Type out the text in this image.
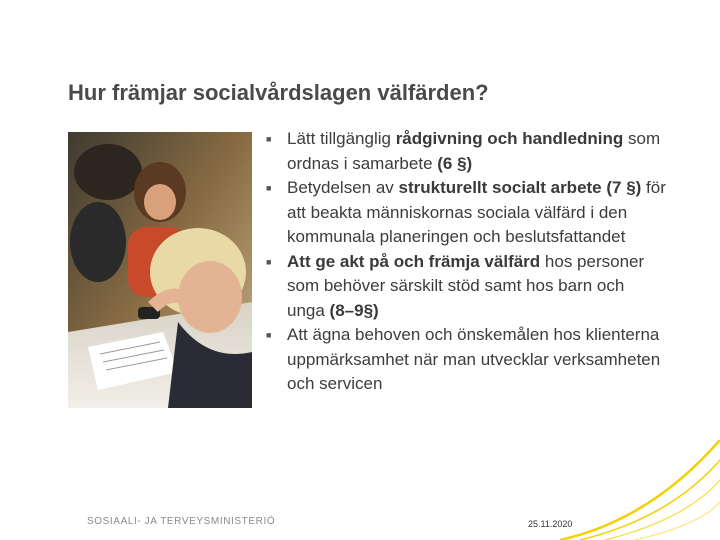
Hur främjar socialvårdslagen välfärden?
■ Lätt tillgänglig rådgivning och handledning som ordnas i samarbete (6 §)
■ Betydelsen av strukturellt socialt arbete (7 §) för att beakta människornas sociala välfärd i den kommunala planeringen och beslutsfattandet
■ Att ge akt på och främja välfärd hos personer som behöver särskilt stöd samt hos barn och unga (8–9§)
■ Att ägna behoven och önskemålen hos klienterna uppmärksamhet när man utvecklar verksamheten och servicen
SOSIAALI- JA TERVEYSMINISTERIÖ	25.11.2020
